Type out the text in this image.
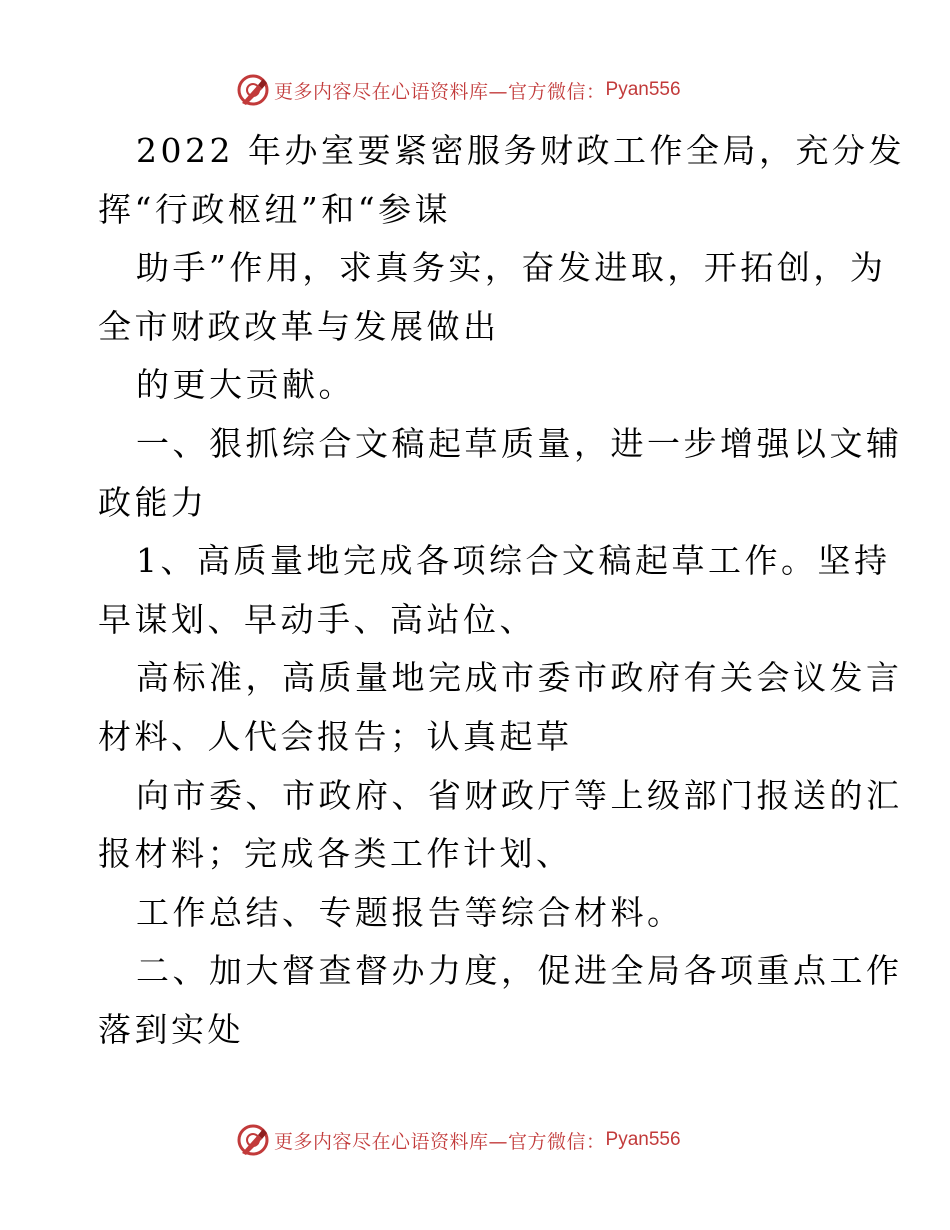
更多内容尽在心语资料库—官方微信： Pyan556
2022 年办室要紧密服务财政工作全局，充分发
挥“行政枢纽”和“参谋
助手”作用，求真务实，奋发进取，开拓创，为
全市财政改革与发展做出
的更大贡献。
一、狠抓综合文稿起草质量，进一步增强以文辅
政能力
1、高质量地完成各项综合文稿起草工作。坚持
早谋划、早动手、高站位、
高标准，高质量地完成市委市政府有关会议发言
材料、人代会报告；认真起草
向市委、市政府、省财政厅等上级部门报送的汇
报材料；完成各类工作计划、
工作总结、专题报告等综合材料。
二、加大督查督办力度，促进全局各项重点工作
落到实处
更多内容尽在心语资料库—官方微信： Pyan556
